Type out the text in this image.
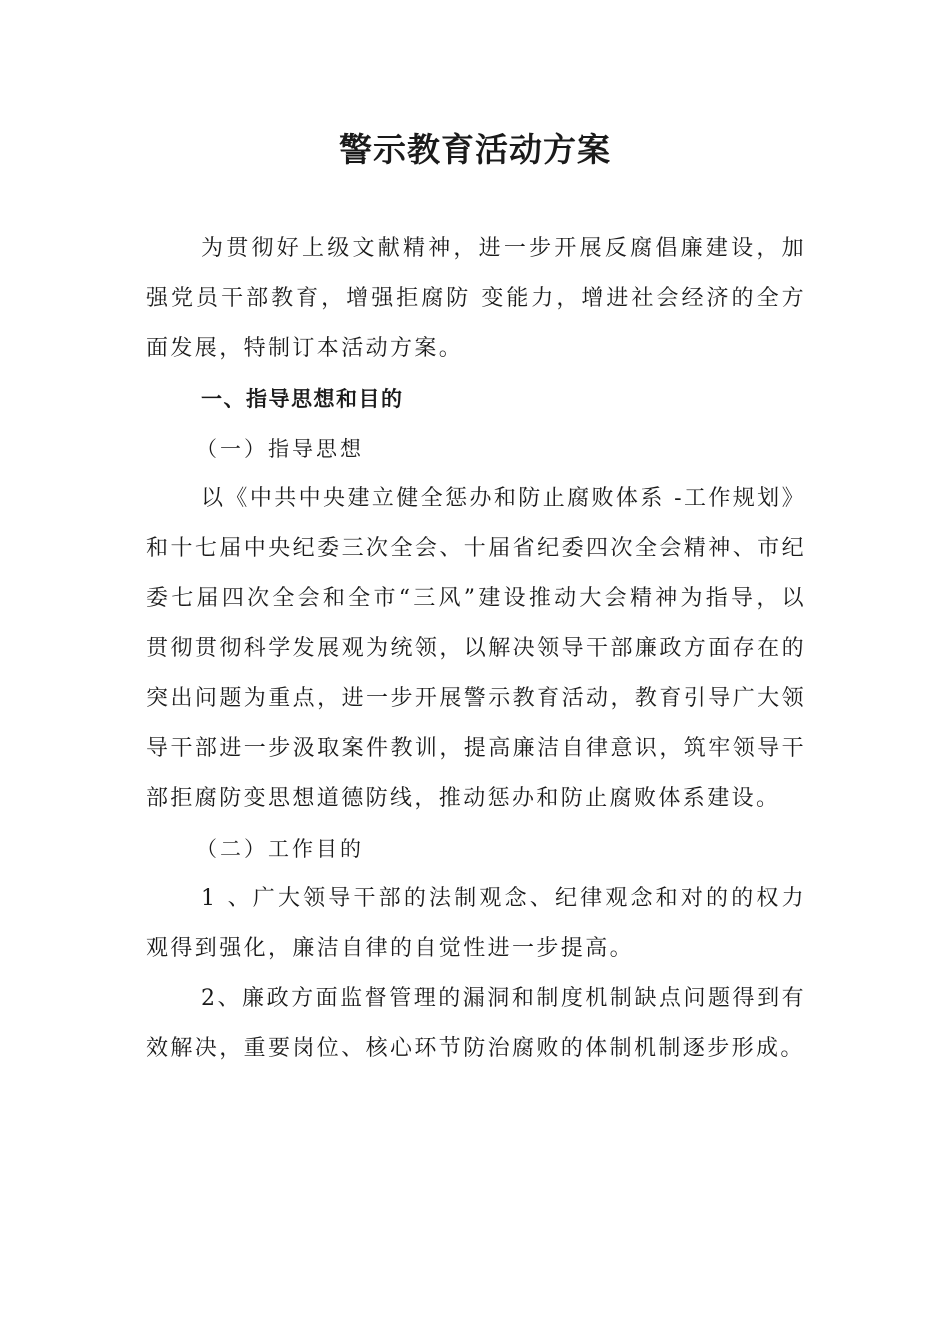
警示教育活动方案

为贯彻好上级文献精神，进一步开展反腐倡廉建设，加强党员干部教育，增强拒腐防 变能力，增进社会经济的全方面发展，特制订本活动方案。

一、指导思想和目的

（一）指导思想

以《中共中央建立健全惩办和防止腐败体系 -工作规划》和十七届中央纪委三次全会、十届省纪委四次全会精神、市纪委七届四次全会和全市“三风”建设推动大会精神为指导，以贯彻贯彻科学发展观为统领，以解决领导干部廉政方面存在的突出问题为重点，进一步开展警示教育活动，教育引导广大领导干部进一步汲取案件教训，提高廉洁自律意识，筑牢领导干部拒腐防变思想道德防线，推动惩办和防止腐败体系建设。

（二）工作目的

1 、广大领导干部的法制观念、纪律观念和对的的权力观得到强化，廉洁自律的自觉性进一步提高。

2、廉政方面监督管理的漏洞和制度机制缺点问题得到有效解决，重要岗位、核心环节防治腐败的体制机制逐步形成。
